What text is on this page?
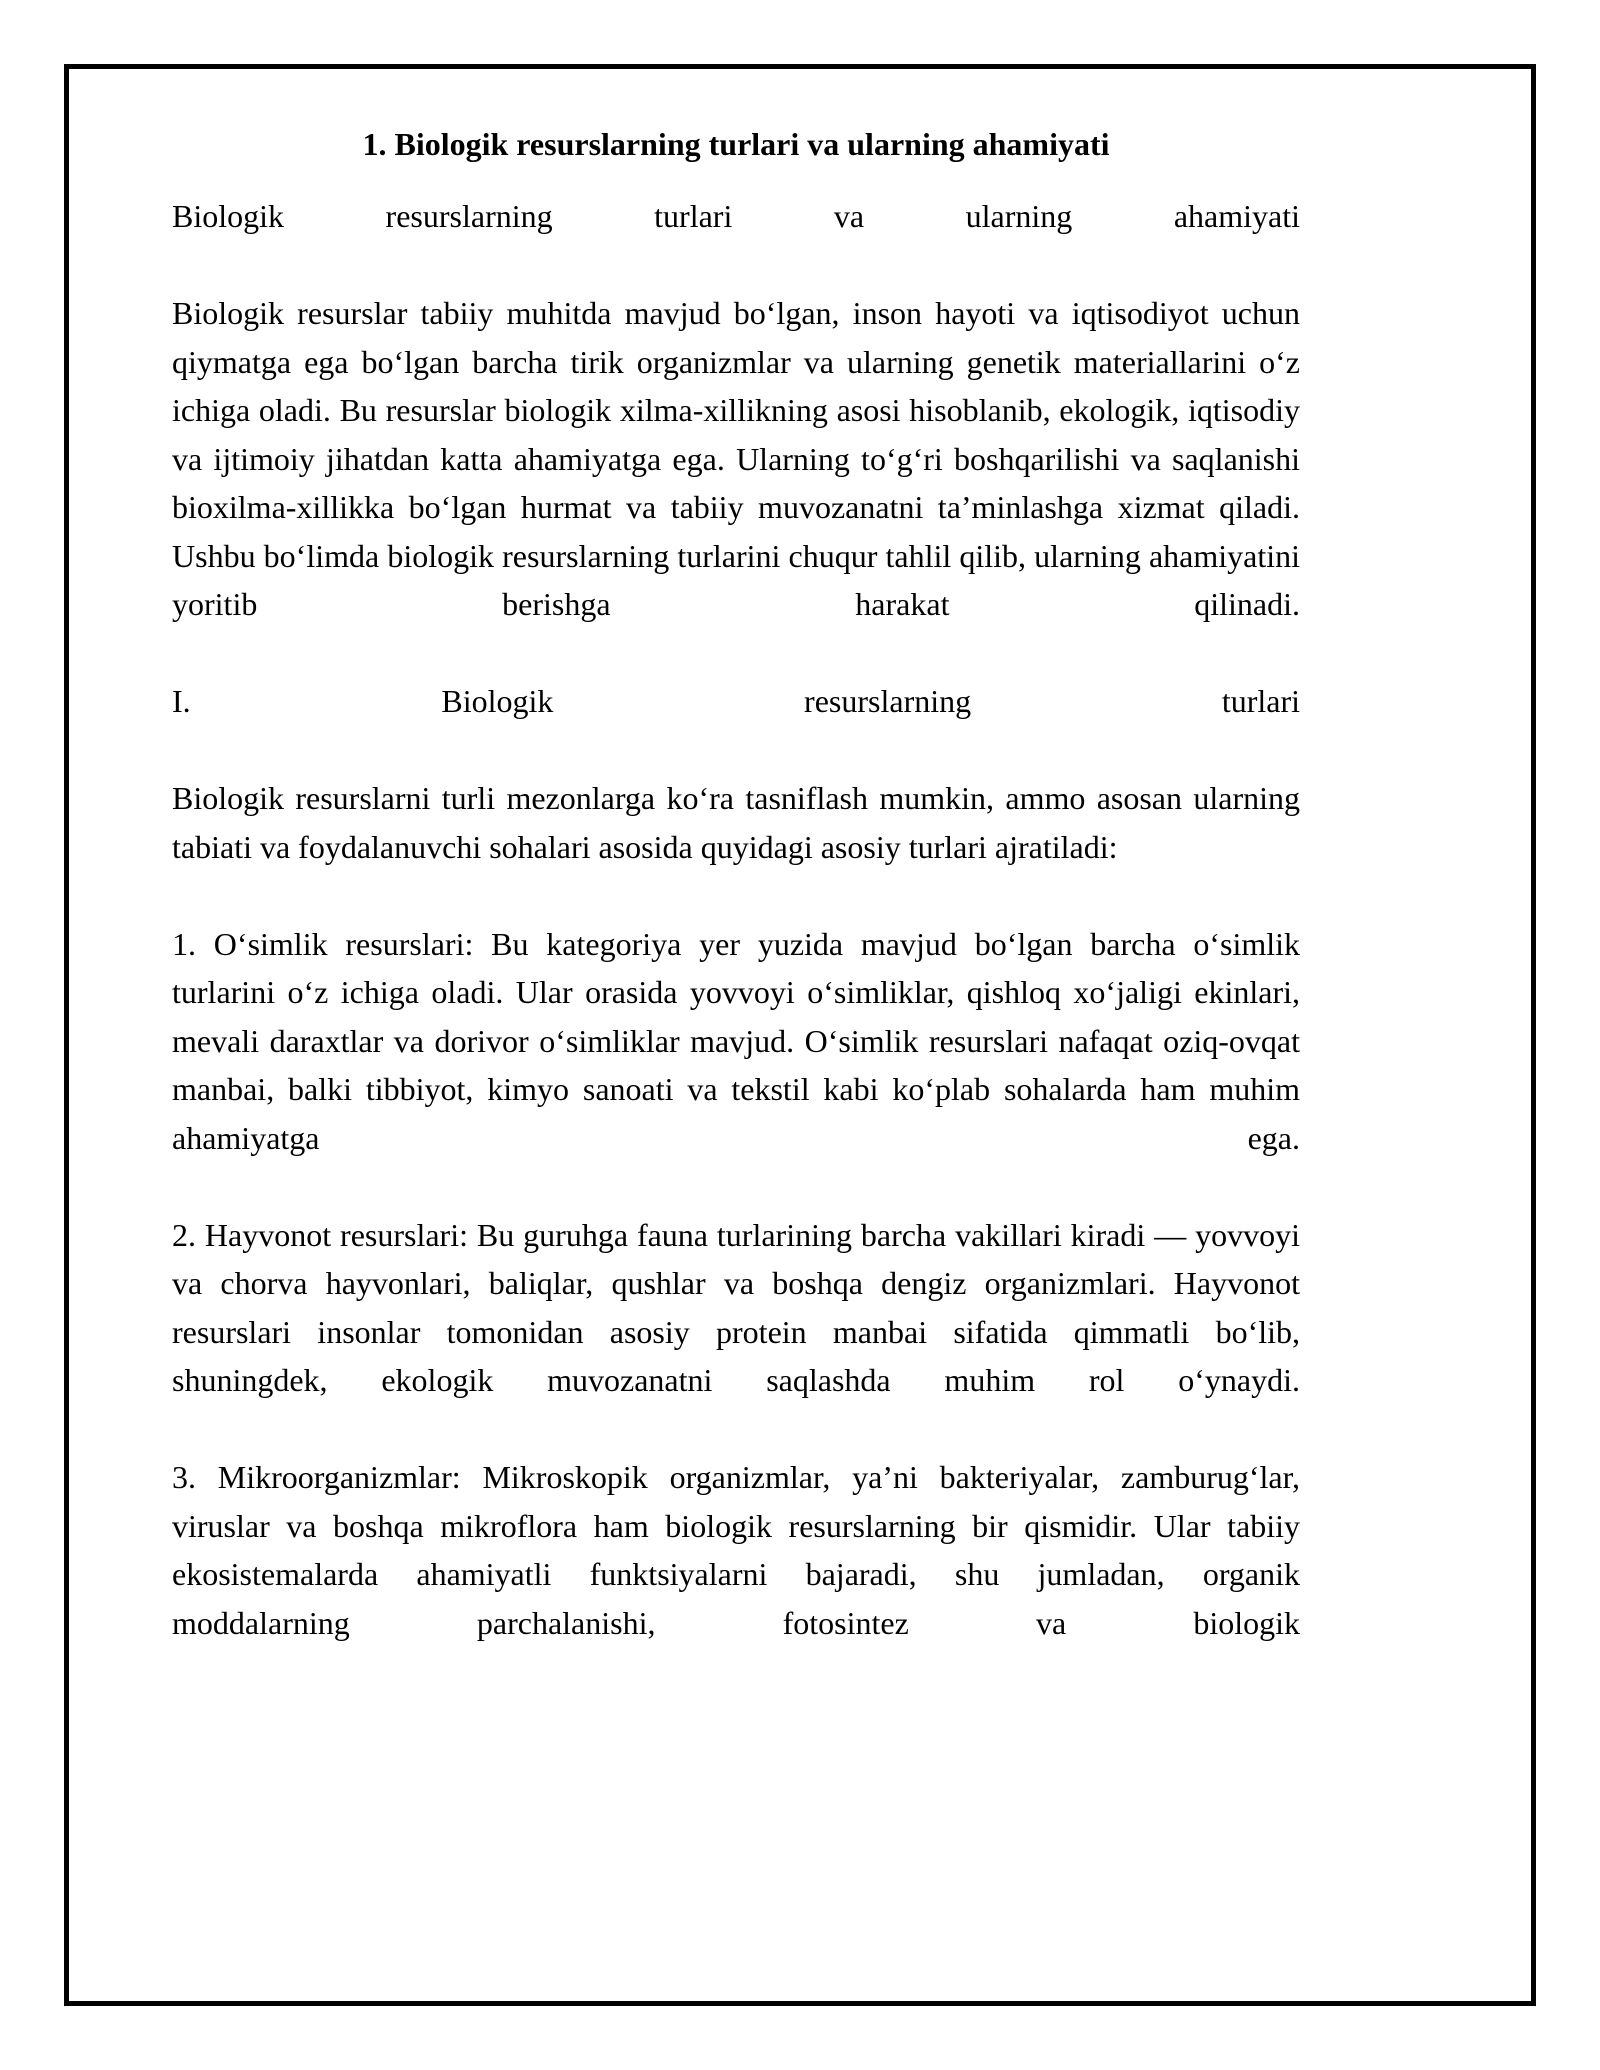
1. Biologik resurslarning turlari va ularning ahamiyati
Biologik resurslarning turlari va ularning ahamiyati
Biologik resurslar tabiiy muhitda mavjud bo‘lgan, inson hayoti va iqtisodiyot uchun qiymatga ega bo‘lgan barcha tirik organizmlar va ularning genetik materiallarini o‘z ichiga oladi. Bu resurslar biologik xilma-xillikning asosi hisoblanib, ekologik, iqtisodiy va ijtimoiy jihatdan katta ahamiyatga ega. Ularning to‘g‘ri boshqarilishi va saqlanishi bioxilma-xillikka bo‘lgan hurmat va tabiiy muvozanatni ta’minlashga xizmat qiladi. Ushbu bo‘limda biologik resurslarning turlarini chuqur tahlil qilib, ularning ahamiyatini yoritib berishga harakat qilinadi.
I. Biologik resurslarning turlari
Biologik resurslarni turli mezonlarga ko‘ra tasniflash mumkin, ammo asosan ularning tabiati va foydalanuvchi sohalari asosida quyidagi asosiy turlari ajratiladi:
1. O‘simlik resurslari: Bu kategoriya yer yuzida mavjud bo‘lgan barcha o‘simlik turlarini o‘z ichiga oladi. Ular orasida yovvoyi o‘simliklar, qishloq xo‘jaligi ekinlari, mevali daraxtlar va dorivor o‘simliklar mavjud. O‘simlik resurslari nafaqat oziq-ovqat manbai, balki tibbiyot, kimyo sanoati va tekstil kabi ko‘plab sohalarda ham muhim ahamiyatga ega.
2. Hayvonot resurslari: Bu guruhga fauna turlarining barcha vakillari kiradi — yovvoyi va chorva hayvonlari, baliqlar, qushlar va boshqa dengiz organizmlari. Hayvonot resurslari insonlar tomonidan asosiy protein manbai sifatida qimmatli bo‘lib, shuningdek, ekologik muvozanatni saqlashda muhim rol o‘ynaydi.
3. Mikroorganizmlar: Mikroskopik organizmlar, ya’ni bakteriyalar, zamburug‘lar, viruslar va boshqa mikroflora ham biologik resurslarning bir qismidir. Ular tabiiy ekosistemalarda ahamiyatli funktsiyalarni bajaradi, shu jumladan, organik moddalarning parchalanishi, fotosintez va biologik
